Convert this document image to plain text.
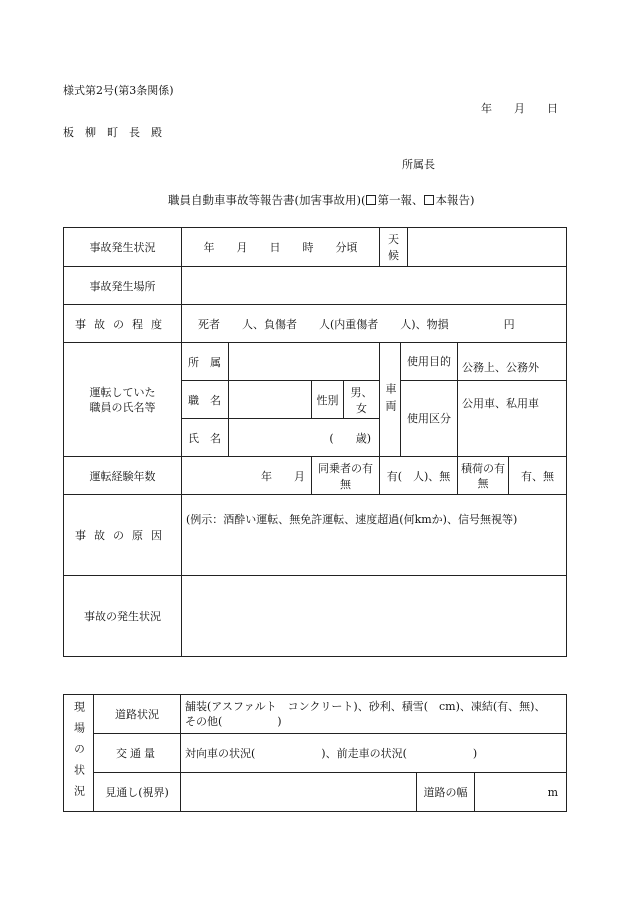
様式第2号(第3条関係)
年　　月　　日
板　柳　町　長　殿
所属長
職員自動車事故等報告書(加害事故用)( 第一報、 本報告)
事故発生状況	年　　月　　日　　時　　分頃				天候				
事故発生場所									
事故の程度	死者　　人、負傷者　　人(内重傷者　　人)、物損　　　　　円								

運転していた
職員の氏名等	所　属				車両	使用目的		公務上、公務外	
	職　名		性別	男、女		使用区分		公用車、私用車	
	氏　名	(　　歳)							
運転経験年数	年　　月		同乗者の有無		有(　人)、無			積荷の有無	有、無
事故の原因	(例示：酒酔い運転、無免許運転、速度超過(何kmか)、信号無視等)								
事故の発生状況									
現場の状況	道路状況	舗装(アスファルト　コンクリート)、砂利、積雪(　cm)、凍結(有、無)、
その他(　　　　　)		

	交通量	対向車の状況(　　　　　　)、前走車の状況(　　　　　　)		
	見通し(視界)		道路の幅	m
